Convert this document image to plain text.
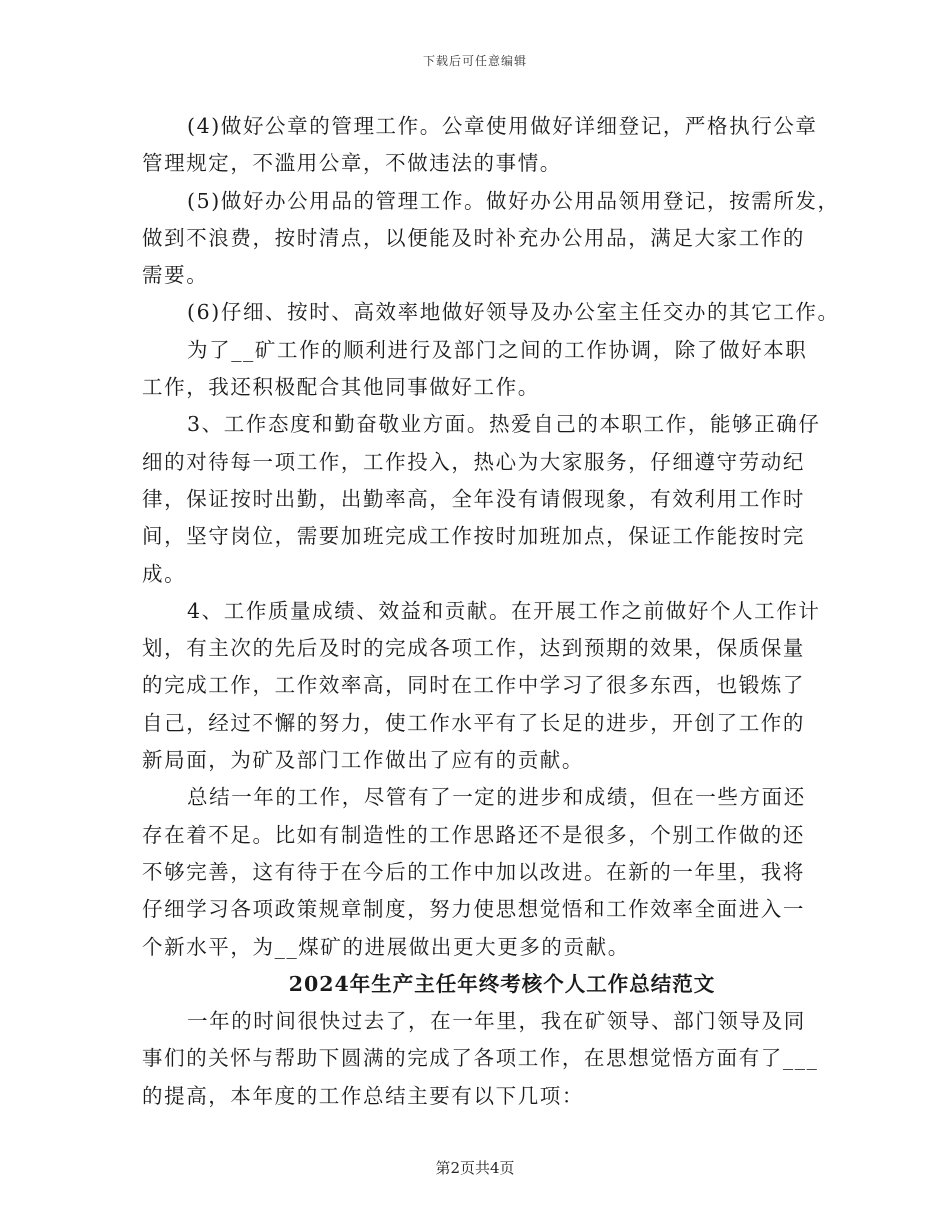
下载后可任意编辑
(4)做好公章的管理工作。公章使用做好详细登记，严格执行公章
管理规定，不滥用公章，不做违法的事情。
(5)做好办公用品的管理工作。做好办公用品领用登记，按需所发，
做到不浪费，按时清点，以便能及时补充办公用品，满足大家工作的
需要。
(6)仔细、按时、高效率地做好领导及办公室主任交办的其它工作。
为了__矿工作的顺利进行及部门之间的工作协调，除了做好本职
工作，我还积极配合其他同事做好工作。
3、工作态度和勤奋敬业方面。热爱自己的本职工作，能够正确仔
细的对待每一项工作，工作投入，热心为大家服务，仔细遵守劳动纪
律，保证按时出勤，出勤率高，全年没有请假现象，有效利用工作时
间，坚守岗位，需要加班完成工作按时加班加点，保证工作能按时完
成。
4、工作质量成绩、效益和贡献。在开展工作之前做好个人工作计
划，有主次的先后及时的完成各项工作，达到预期的效果，保质保量
的完成工作，工作效率高，同时在工作中学习了很多东西，也锻炼了
自己，经过不懈的努力，使工作水平有了长足的进步，开创了工作的
新局面，为矿及部门工作做出了应有的贡献。
总结一年的工作，尽管有了一定的进步和成绩，但在一些方面还
存在着不足。比如有制造性的工作思路还不是很多，个别工作做的还
不够完善，这有待于在今后的工作中加以改进。在新的一年里，我将
仔细学习各项政策规章制度，努力使思想觉悟和工作效率全面进入一
个新水平，为__煤矿的进展做出更大更多的贡献。
2024年生产主任年终考核个人工作总结范文
一年的时间很快过去了，在一年里，我在矿领导、部门领导及同
事们的关怀与帮助下圆满的完成了各项工作，在思想觉悟方面有了___
的提高，本年度的工作总结主要有以下几项：
第2页共4页
